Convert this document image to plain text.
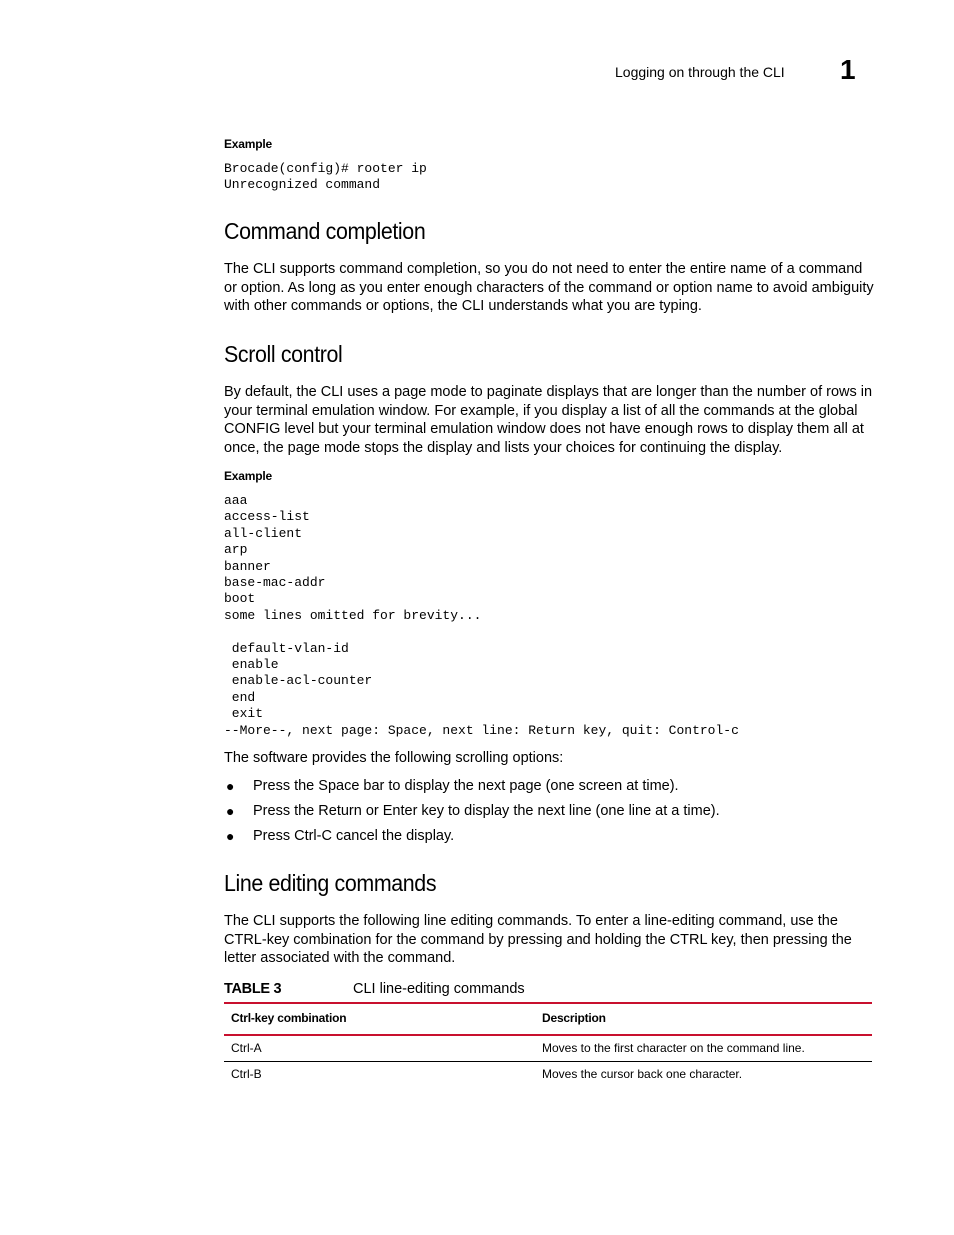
Logging on through the CLI 1
Example
Brocade(config)# rooter ip
Unrecognized command
Command completion

The CLI supports command completion, so you do not need to enter the entire name of a command or option. As long as you enter enough characters of the command or option name to avoid ambiguity with other commands or options, the CLI understands what you are typing.

Scroll control

By default, the CLI uses a page mode to paginate displays that are longer than the number of rows in your terminal emulation window. For example, if you display a list of all the commands at the global CONFIG level but your terminal emulation window does not have enough rows to display them all at once, the page mode stops the display and lists your choices for continuing the display.

Example
aaa
access-list
all-client
arp
banner
base-mac-addr
boot
some lines omitted for brevity...

default-vlan-id
enable
enable-acl-counter
end
exit
--More--, next page: Space, next line: Return key, quit: Control-c

The software provides the following scrolling options:

● Press the Space bar to display the next page (one screen at time).
● Press the Return or Enter key to display the next line (one line at a time).
● Press Ctrl-C cancel the display.
Line editing commands

The CLI supports the following line editing commands. To enter a line-editing command, use the CTRL-key combination for the command by pressing and holding the CTRL key, then pressing the letter associated with the command.

TABLE 3	CLI line-editing commands
Ctrl-key combination	Description
Ctrl-A	Moves to the first character on the command line.
Ctrl-B	Moves the cursor back one character.
